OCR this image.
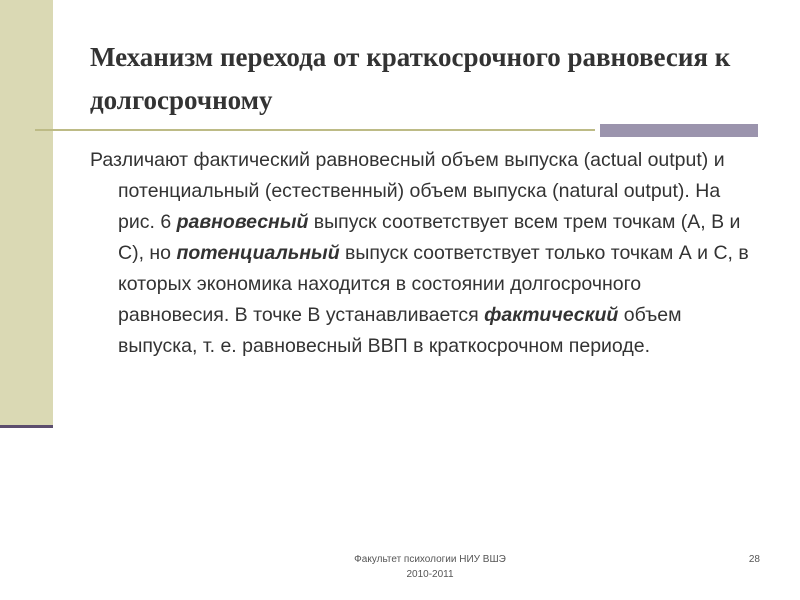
Механизм перехода от краткосрочного равновесия к долгосрочному

Различают фактический равновесный объем выпуска (actual output) и потенциальный (естественный) объем выпуска (natural output). На рис. 6 равновесный выпуск соответствует всем трем точкам (А, В и С), но потенциальный выпуск соответствует только точкам А и С, в которых экономика находится в состоянии долгосрочного равновесия. В точке В устанавливается фактический объем выпуска, т. е. равновесный ВВП в краткосрочном периоде.

Факультет психологии НИУ ВШЭ
2010-2011
28
